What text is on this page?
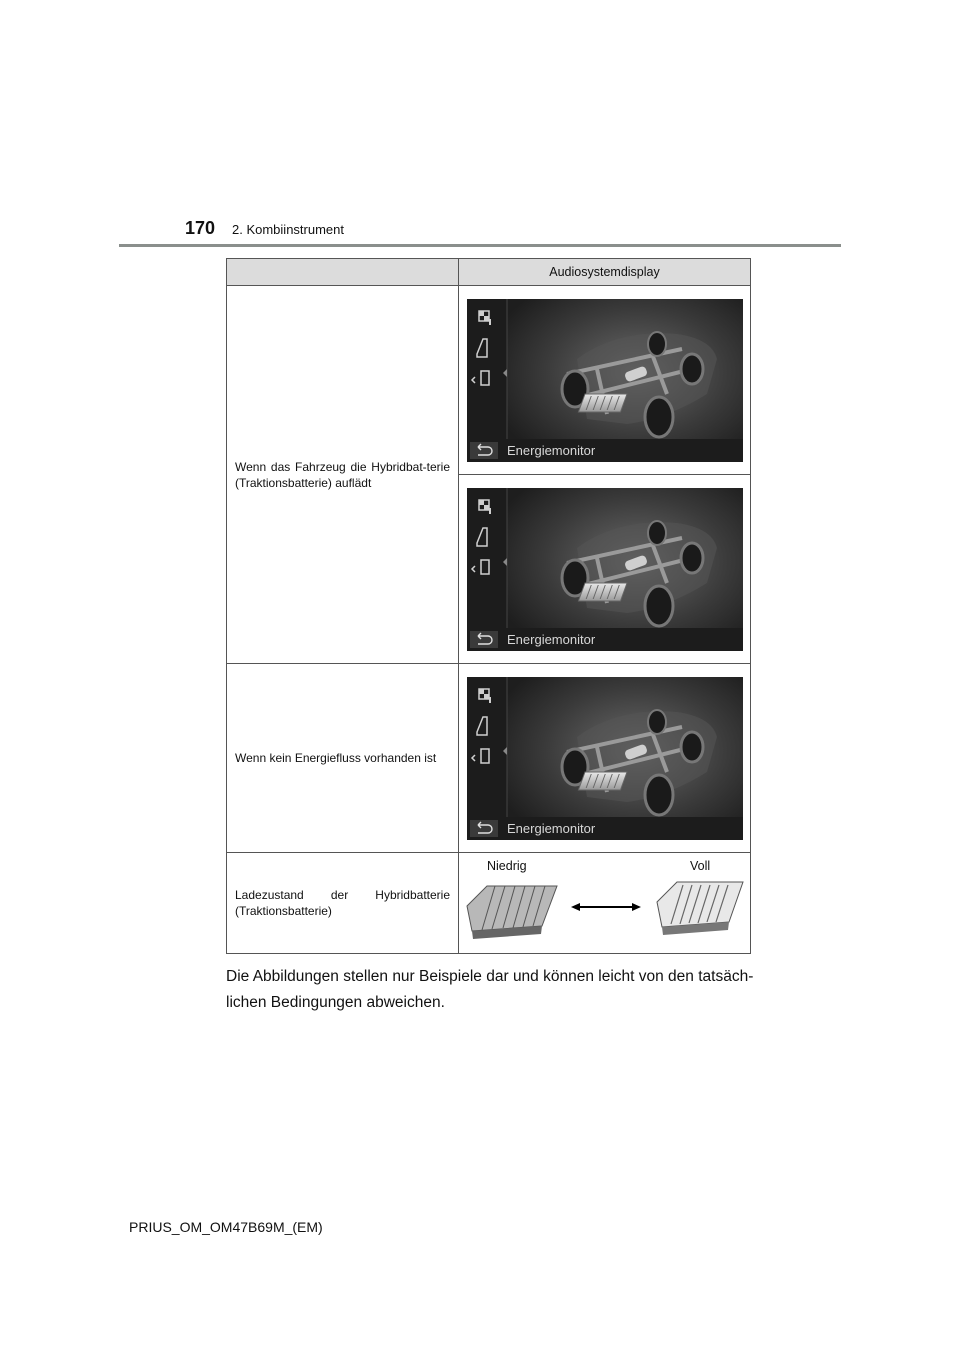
170 2. Kombiinstrument
	Audiosystemdisplay
Wenn das Fahrzeug die Hybridbat-terie (Traktionsbatterie) auflädt	Energiemonitor

Energiemonitor

Wenn kein Energiefluss vorhanden ist	Energiemonitor

Ladezustand der Hybridbatterie (Traktionsbatterie)	Niedrig Voll
Die Abbildungen stellen nur Beispiele dar und können leicht von den tatsäch-lichen Bedingungen abweichen.
PRIUS_OM_OM47B69M_(EM)
